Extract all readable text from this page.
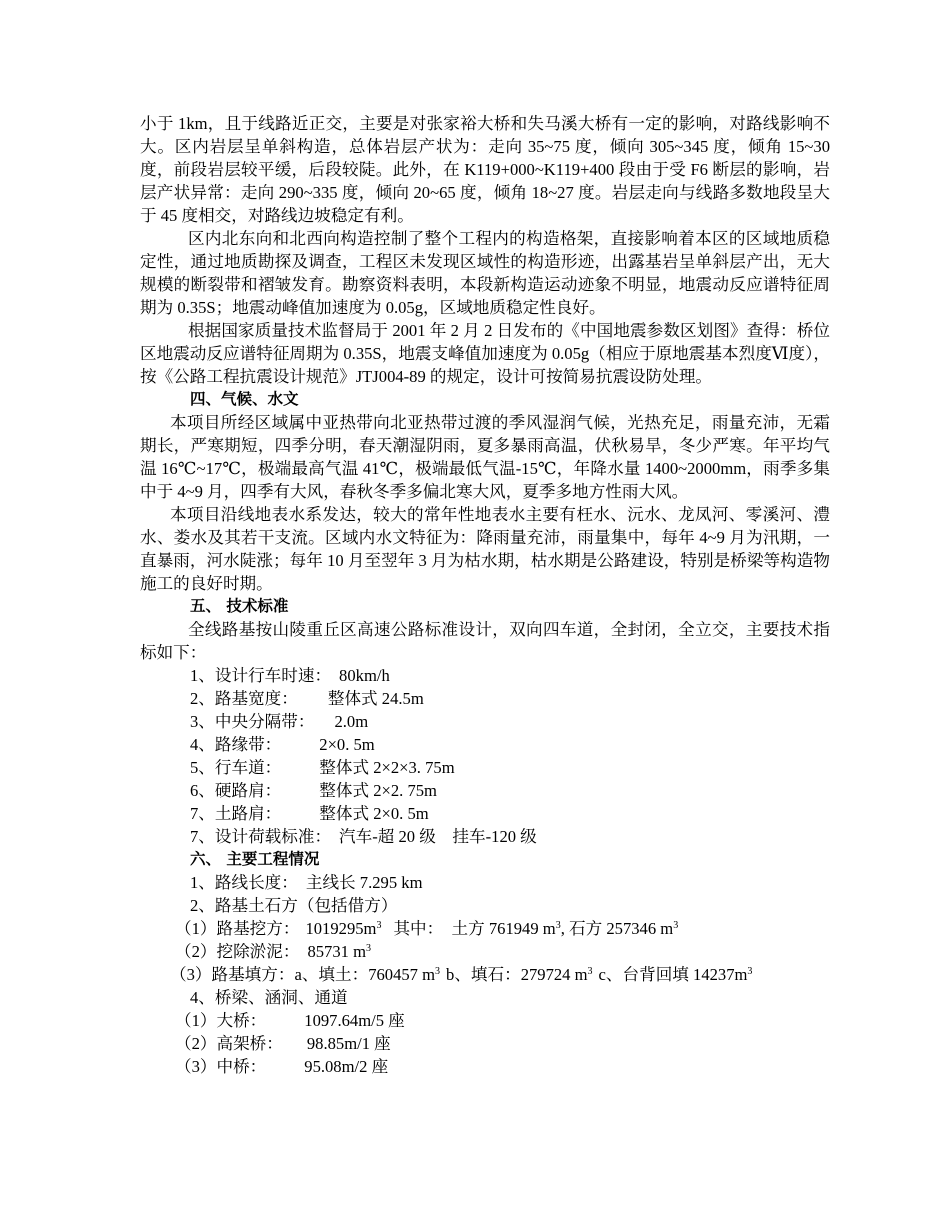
小于 1km，且于线路近正交，主要是对张家裕大桥和失马溪大桥有一定的影响，对路线影响不大。区内岩层呈单斜构造，总体岩层产状为：走向 35~75 度，倾向 305~345 度，倾角 15~30 度，前段岩层较平缓，后段较陡。此外，在 K119+000~K119+400 段由于受 F6 断层的影响，岩层产状异常：走向 290~335 度，倾向 20~65 度，倾角 18~27 度。岩层走向与线路多数地段呈大于 45 度相交，对路线边坡稳定有利。

区内北东向和北西向构造控制了整个工程内的构造格架，直接影响着本区的区域地质稳定性，通过地质勘探及调查，工程区未发现区域性的构造形迹，出露基岩呈单斜层产出，无大规模的断裂带和褶皱发育。勘察资料表明，本段新构造运动迹象不明显，地震动反应谱特征周期为 0.35S；地震动峰值加速度为 0.05g，区域地质稳定性良好。

根据国家质量技术监督局于 2001 年 2 月 2 日发布的《中国地震参数区划图》查得：桥位区地震动反应谱特征周期为 0.35S，地震支峰值加速度为 0.05g（相应于原地震基本烈度Ⅵ度），按《公路工程抗震设计规范》JTJ004-89 的规定，设计可按简易抗震设防处理。

四、气候、水文

本项目所经区域属中亚热带向北亚热带过渡的季风湿润气候，光热充足，雨量充沛，无霜期长，严寒期短，四季分明，春天潮湿阴雨，夏多暴雨高温，伏秋易旱，冬少严寒。年平均气温 16℃~17℃，极端最高气温 41℃，极端最低气温-15℃，年降水量 1400~2000mm，雨季多集中于 4~9 月，四季有大风，春秋冬季多偏北寒大风，夏季多地方性雨大风。

本项目沿线地表水系发达，较大的常年性地表水主要有枉水、沅水、龙凤河、零溪河、澧水、娄水及其若干支流。区域内水文特征为：降雨量充沛，雨量集中，每年 4~9 月为汛期，一直暴雨，河水陡涨；每年 10 月至翌年 3 月为枯水期，枯水期是公路建设，特别是桥梁等构造物施工的良好时期。

五、 技术标准

全线路基按山陵重丘区高速公路标准设计，双向四车道，全封闭，全立交，主要技术指标如下：

1、设计行车时速： 80km/h

2、路基宽度： 整体式 24.5m

3、中央分隔带： 2.0m

4、路缘带： 2×0. 5m

5、行车道： 整体式 2×2×3. 75m

6、硬路肩： 整体式 2×2. 75m

7、土路肩： 整体式 2×0. 5m

7、设计荷载标准： 汽车-超 20 级　挂车-120 级

六、 主要工程情况

1、路线长度： 主线长 7.295 km

2、路基土石方（包括借方）

（1）路基挖方： $1019295m^3$ 其中：  土方 761949 $m^3$, 石方 257346 $m^3$

（2）挖除淤泥： 85731 $m^3$

（3）路基填方：a、填土：760457 $m^3$ b、填石：279724 $m^3$ c、台背回填 $14237m^3$

4、桥梁、涵洞、通道

（1）大桥： 1097.64m/5 座

（2）高架桥： 98.85m/1 座

（3）中桥： 95.08m/2 座
